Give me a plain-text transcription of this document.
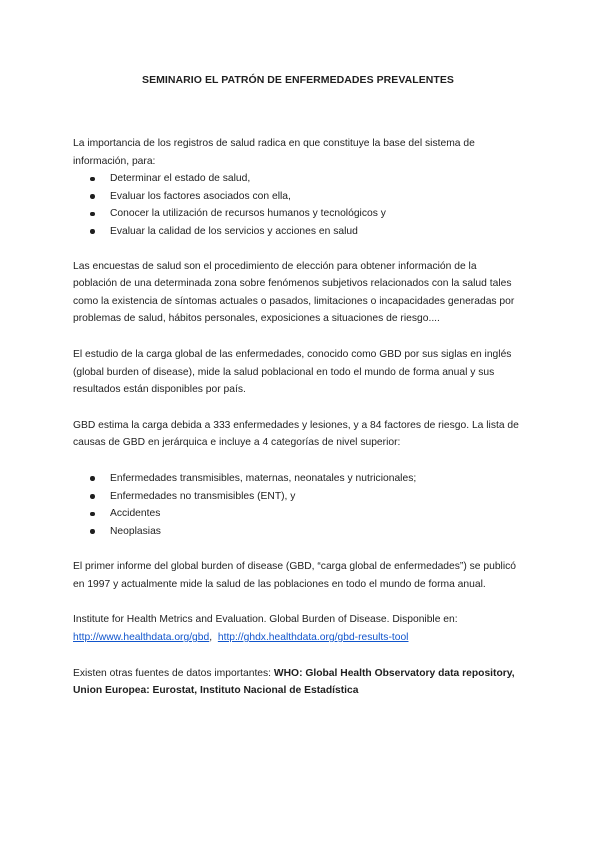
SEMINARIO EL PATRÓN DE ENFERMEDADES PREVALENTES

La importancia de los registros de salud radica en que constituye la base del sistema de información, para:

Determinar el estado de salud,
Evaluar los factores asociados con ella,
Conocer la utilización de recursos humanos y tecnológicos y
Evaluar la calidad de los servicios y acciones en salud

Las encuestas de salud son el procedimiento de elección para obtener información de la población de una determinada zona sobre fenómenos subjetivos relacionados con la salud tales como la existencia de síntomas actuales o pasados, limitaciones o incapacidades generadas por problemas de salud, hábitos personales, exposiciones a situaciones de riesgo....

El estudio de la carga global de las enfermedades, conocido como GBD por sus siglas en inglés (global burden of disease), mide la salud poblacional en todo el mundo de forma anual y sus resultados están disponibles por país.

GBD estima la carga debida a 333 enfermedades y lesiones, y a 84 factores de riesgo. La lista de causas de GBD en jerárquica e incluye a 4 categorías de nivel superior:

Enfermedades transmisibles, maternas, neonatales y nutricionales;
Enfermedades no transmisibles (ENT), y
Accidentes
Neoplasias

El primer informe del global burden of disease (GBD, “carga global de enfermedades”) se publicó en 1997 y actualmente mide la salud de las poblaciones en todo el mundo de forma anual.

Institute for Health Metrics and Evaluation. Global Burden of Disease. Disponible en:
http://www.healthdata.org/gbd, http://ghdx.healthdata.org/gbd-results-tool

Existen otras fuentes de datos importantes: WHO: Global Health Observatory data repository, Union Europea: Eurostat, Instituto Nacional de Estadística
